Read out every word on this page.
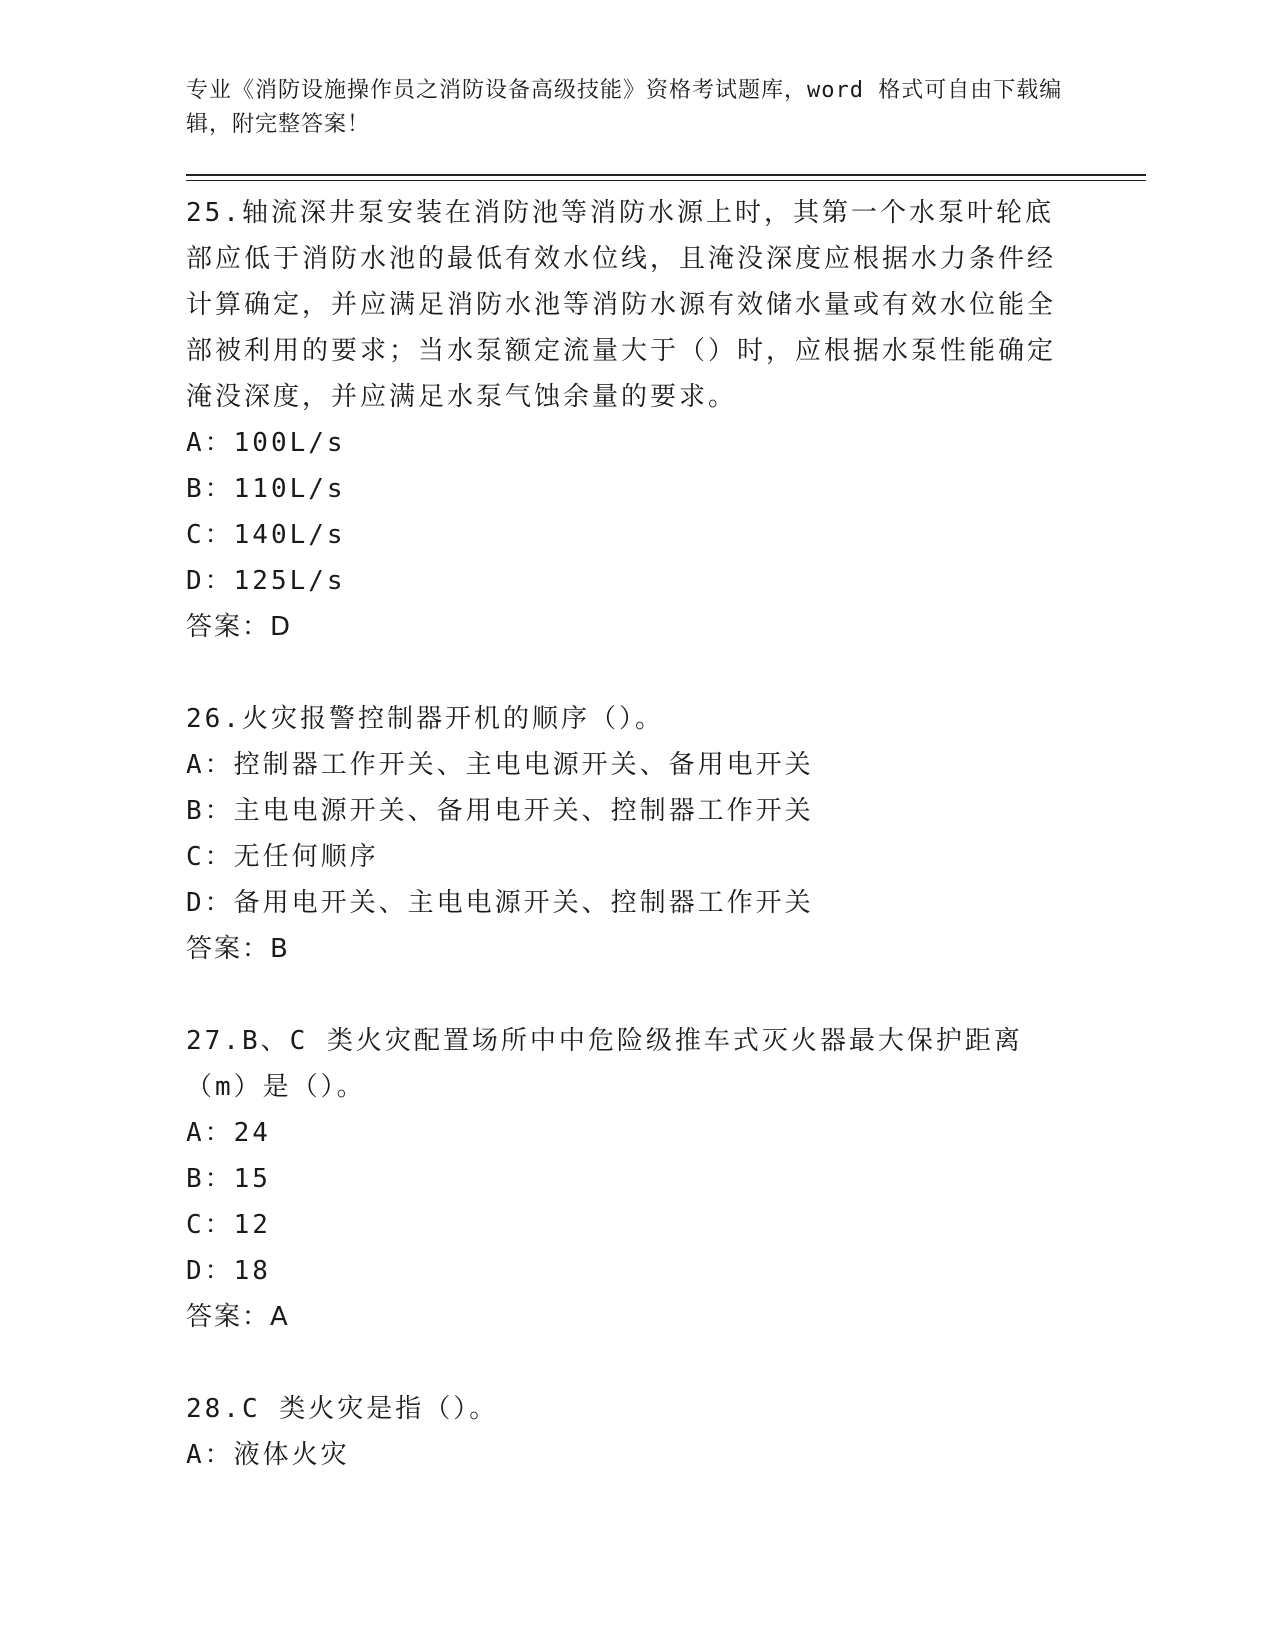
专业《消防设施操作员之消防设备高级技能》资格考试题库，word 格式可自由下载编辑，附完整答案！
25.轴流深井泵安装在消防池等消防水源上时，其第一个水泵叶轮底部应低于消防水池的最低有效水位线，且淹没深度应根据水力条件经计算确定，并应满足消防水池等消防水源有效储水量或有效水位能全部被利用的要求；当水泵额定流量大于（）时，应根据水泵性能确定淹没深度，并应满足水泵气蚀余量的要求。
A：100L/s
B：110L/s
C：140L/s
D：125L/s
答案：D
26.火灾报警控制器开机的顺序（）。
A：控制器工作开关、主电电源开关、备用电开关
B：主电电源开关、备用电开关、控制器工作开关
C：无任何顺序
D：备用电开关、主电电源开关、控制器工作开关
答案：B
27.B、C 类火灾配置场所中中危险级推车式灭火器最大保护距离（m）是（）。
A：24
B：15
C：12
D：18
答案：A
28.C 类火灾是指（）。
A：液体火灾
